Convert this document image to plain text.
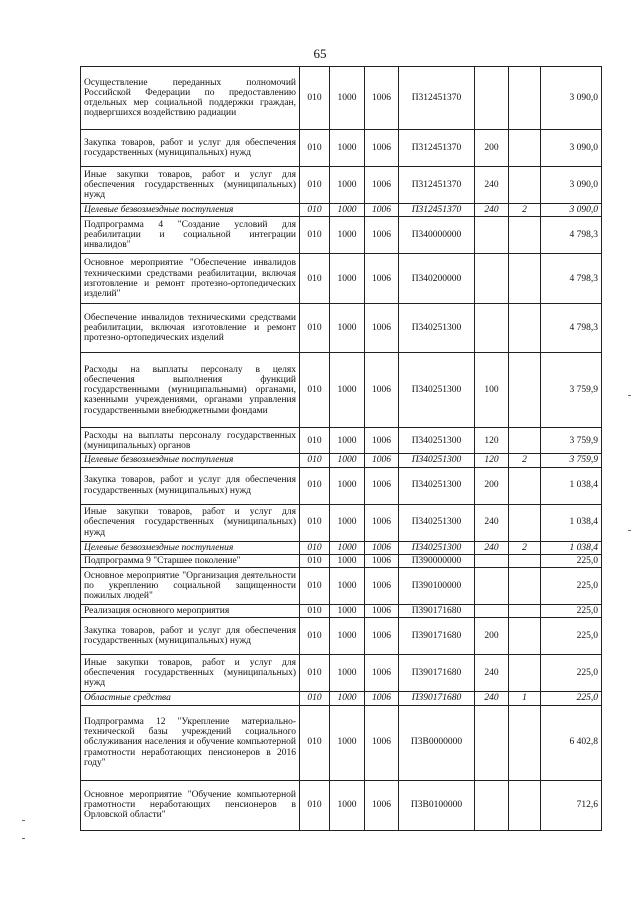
65
Осуществление переданных полномочий Российской Федерации по предоставлению отдельных мер социальной поддержки граждан, подвергшихся воздействию радиации	010	1000	1006	П312451370			3 090,0
Закупка товаров, работ и услуг для обеспечения государственных (муниципальных) нужд	010	1000	1006	П312451370	200		3 090,0
Иные закупки товаров, работ и услуг для обеспечения государственных (муниципальных) нужд	010	1000	1006	П312451370	240		3 090,0
Целевые безвозмездные поступления	010	1000	1006	П312451370	240	2	3 090,0
Подпрограмма 4 "Создание условий для реабилитации и социальной интеграции инвалидов"	010	1000	1006	П340000000			4 798,3
Основное мероприятие "Обеспечение инвалидов техническими средствами реабилитации, включая изготовление и ремонт протезно-ортопедических изделий"	010	1000	1006	П340200000			4 798,3
Обеспечение инвалидов техническими средствами реабилитации, включая изготовление и ремонт протезно-ортопедических изделий	010	1000	1006	П340251300			4 798,3
Расходы на выплаты персоналу в целях обеспечения выполнения функций государственными (муниципальными) органами, казенными учреждениями, органами управления государственными внебюджетными фондами	010	1000	1006	П340251300	100		3 759,9
Расходы на выплаты персоналу государственных (муниципальных) органов	010	1000	1006	П340251300	120		3 759,9
Целевые безвозмездные поступления	010	1000	1006	П340251300	120	2	3 759,9
Закупка товаров, работ и услуг для обеспечения государственных (муниципальных) нужд	010	1000	1006	П340251300	200		1 038,4
Иные закупки товаров, работ и услуг для обеспечения государственных (муниципальных) нужд	010	1000	1006	П340251300	240		1 038,4
Целевые безвозмездные поступления	010	1000	1006	П340251300	240	2	1 038,4
Подпрограмма 9 "Старшее поколение"	010	1000	1006	П390000000			225,0
Основное мероприятие "Организация деятельности по укреплению социальной защищенности пожилых людей"	010	1000	1006	П390100000			225,0
Реализация основного мероприятия	010	1000	1006	П390171680			225,0
Закупка товаров, работ и услуг для обеспечения государственных (муниципальных) нужд	010	1000	1006	П390171680	200		225,0
Иные закупки товаров, работ и услуг для обеспечения государственных (муниципальных) нужд	010	1000	1006	П390171680	240		225,0
Областные средства	010	1000	1006	П390171680	240	1	225,0
Подпрограмма 12 "Укрепление материально-технической базы учреждений социального обслуживания населения и обучение компьютерной грамотности неработающих пенсионеров в 2016 году"	010	1000	1006	П3В0000000			6 402,8
Основное мероприятие "Обучение компьютерной грамотности неработающих пенсионеров в Орловской области"	010	1000	1006	П3В0100000			712,6
